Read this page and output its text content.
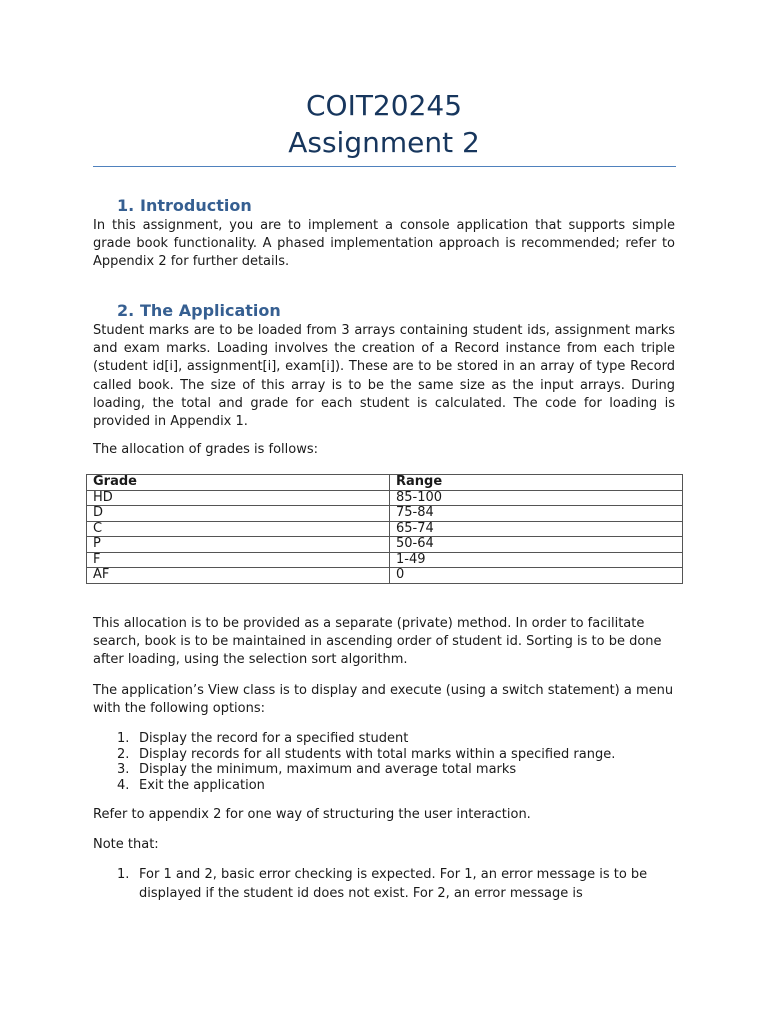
COIT20245
Assignment 2
1. Introduction
In this assignment, you are to implement a console application that supports simple grade book functionality. A phased implementation approach is recommended; refer to Appendix 2 for further details.
2. The Application
Student marks are to be loaded from 3 arrays containing student ids, assignment marks and exam marks. Loading involves the creation of a Record instance from each triple (student id[i], assignment[i], exam[i]). These are to be stored in an array of type Record called book. The size of this array is to be the same size as the input arrays. During loading, the total and grade for each student is calculated. The code for loading is provided in Appendix 1.
The allocation of grades is follows:
Grade	Range
HD	85-100
D	75-84
C	65-74
P	50-64
F	1-49
AF	0
This allocation is to be provided as a separate (private) method. In order to facilitate search, book is to be maintained in ascending order of student id. Sorting is to be done after loading, using the selection sort algorithm.
The application’s View class is to display and execute (using a switch statement) a menu with the following options:
1. Display the record for a specified student
2. Display records for all students with total marks within a specified range.
3. Display the minimum, maximum and average total marks
4. Exit the application
Refer to appendix 2 for one way of structuring the user interaction.
Note that:
1. For 1 and 2, basic error checking is expected. For 1, an error message is to be displayed if the student id does not exist. For 2, an error message is
